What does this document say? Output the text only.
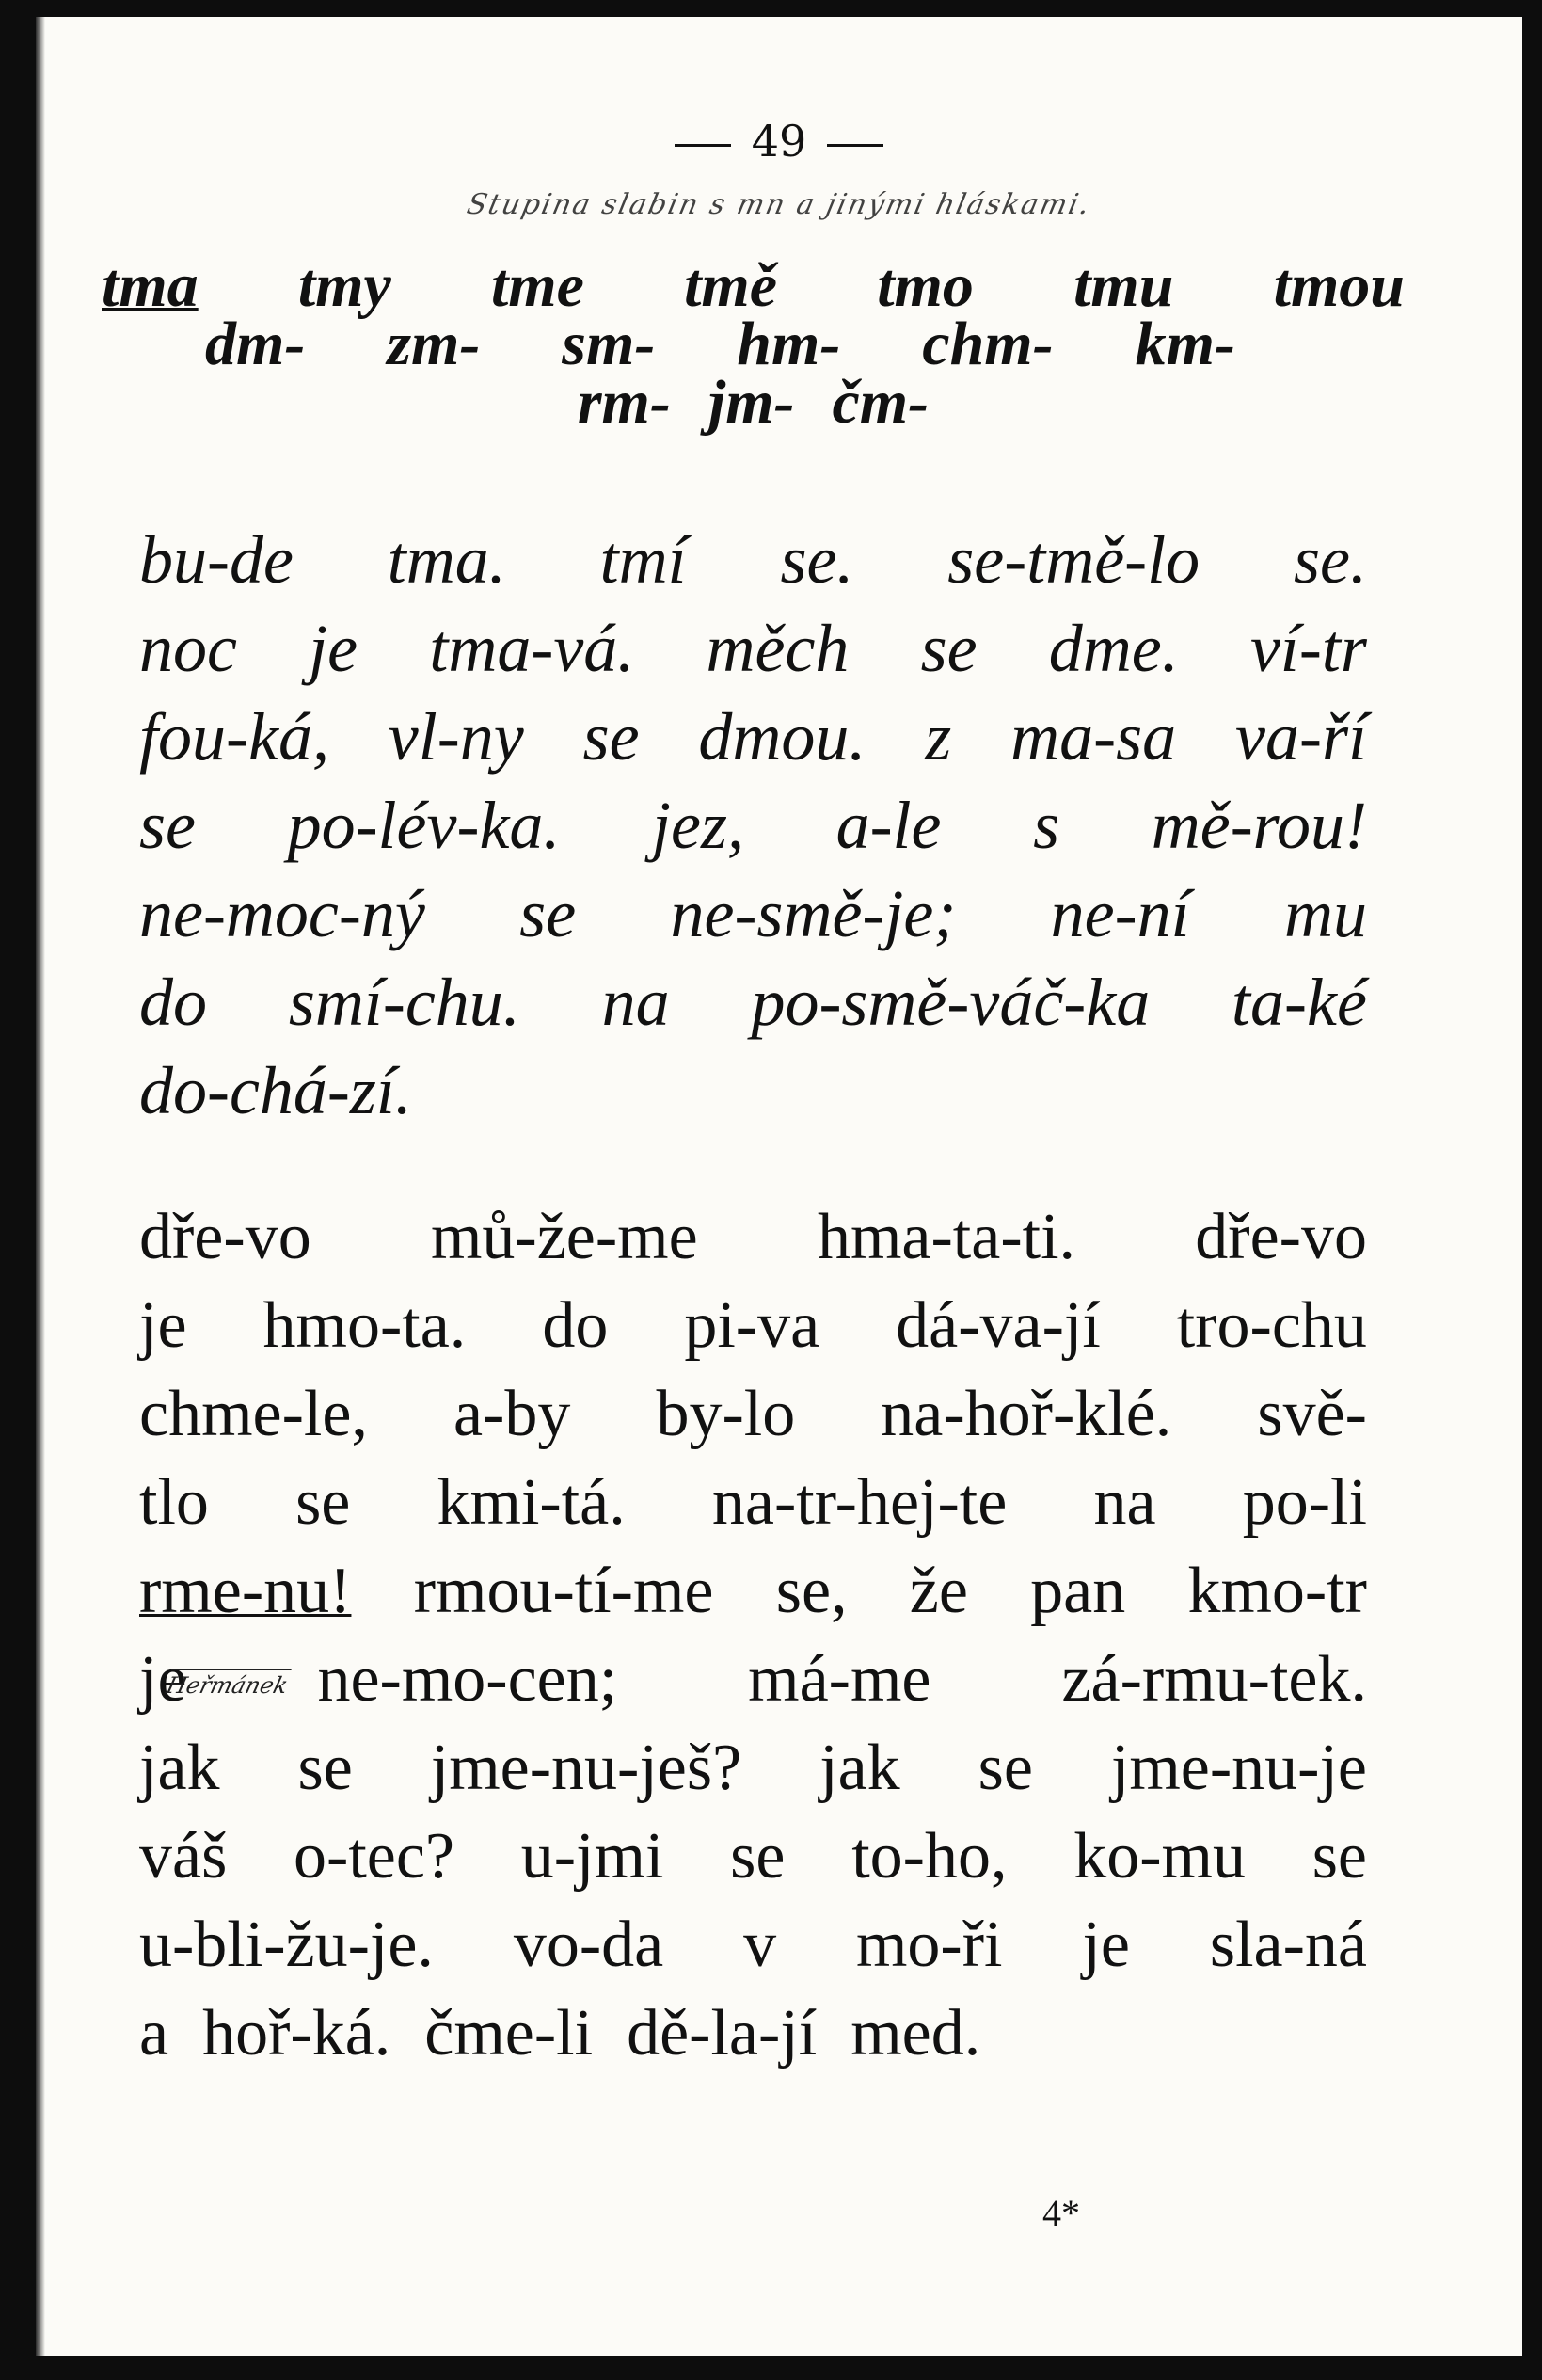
49
Stupina slabin s mn a jinými hláskami.
tma tmy tme tmě tmo tmu tmou
dm- zm- sm- hm- chm- km-
rm- jm- čm-
bu-de tma. tmí se. se-tmě-lo se.
noc je tma-vá. měch se dme. ví-tr
fou-ká, vl-ny se dmou. z ma-sa va-ří
se po-lév-ka. jez, a-le s mě-rou!
ne-moc-ný se ne-smě-je; ne-ní mu
do smí-chu. na po-smě-váč-ka ta-ké
do-chá-zí.
dře-vo mů-že-me hma-ta-ti. dře-vo
je hmo-ta. do pi-va dá-va-jí tro-chu
chme-le, a-by by-lo na-hoř-klé. svě-
tlo se kmi-tá. na-tr-hej-te na po-li
rme-nu! rmou-tí-me se, že pan kmo-tr
je ne-mo-cen; má-me zá-rmu-tek.
jak se jme-nu-ješ? jak se jme-nu-je
váš o-tec? u-jmi se to-ho, ko-mu se
u-bli-žu-je. vo-da v mo-ři je sla-ná
a hoř-ká. čme-li dě-la-jí med.
Heřmánek
4*
